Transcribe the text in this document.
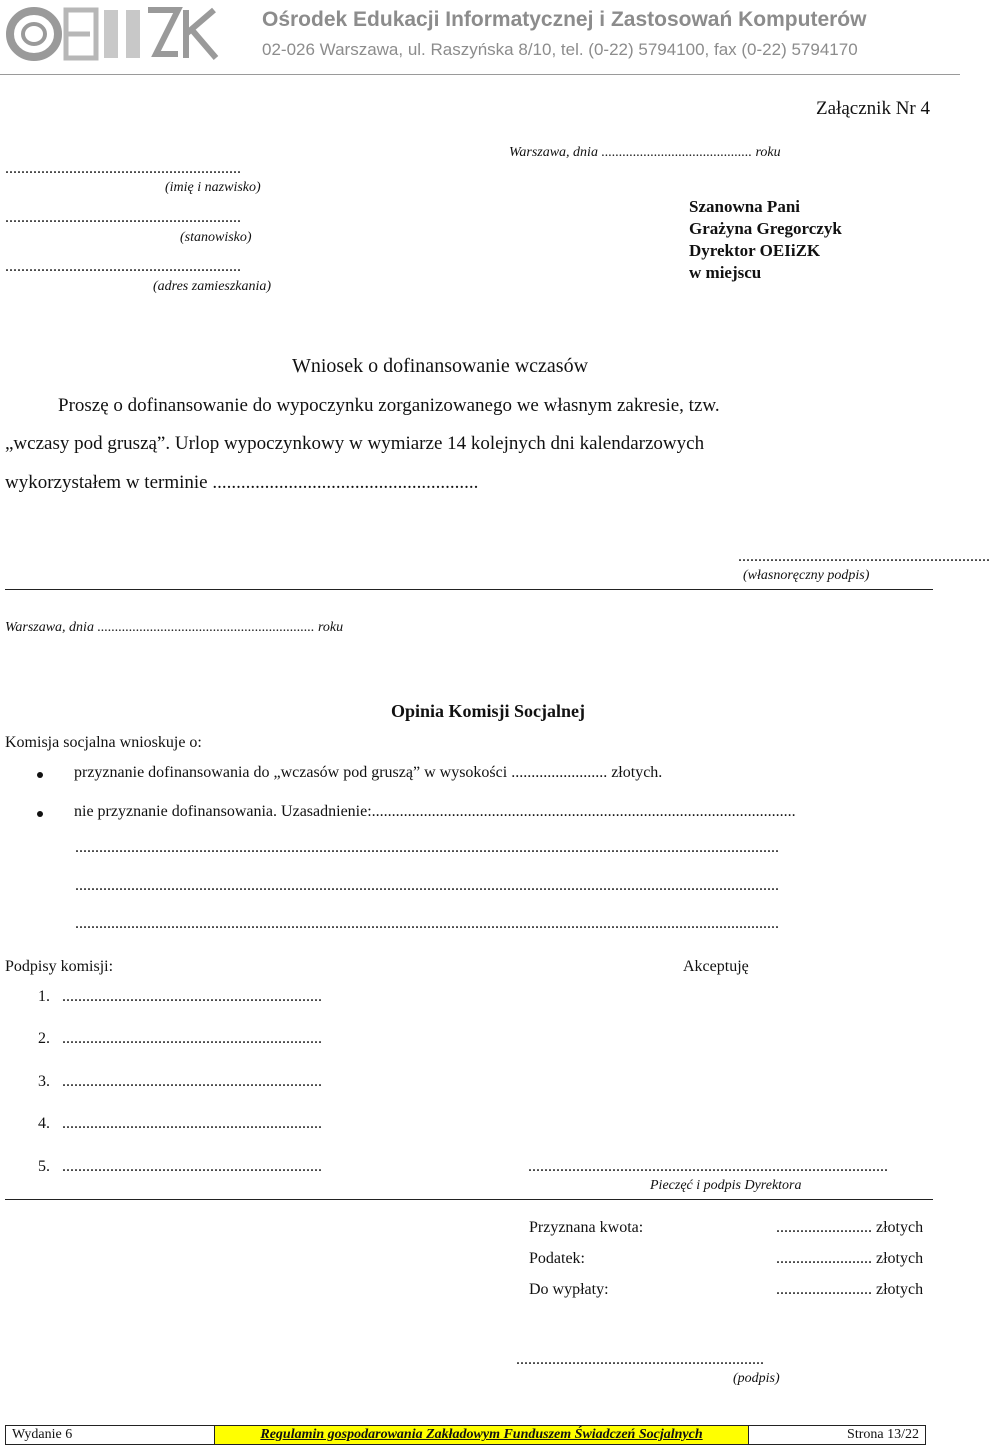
Ośrodek Edukacji Informatycznej i Zastosowań Komputerów
02-026 Warszawa, ul. Raszyńska 8/10, tel. (0-22) 5794100, fax (0-22) 5794170
Załącznik Nr 4
Warszawa, dnia ........................................... roku
...........................................................
(imię i nazwisko)
...........................................................
(stanowisko)
...........................................................
(adres zamieszkania)
Szanowna Pani
Grażyna Gregorczyk
Dyrektor OEIiZK
w miejscu
Wniosek o dofinansowanie wczasów
Proszę o dofinansowanie do wypoczynku zorganizowanego we własnym zakresie, tzw.
„wczasy pod gruszą”. Urlop wypoczynkowy w wymiarze 14 kolejnych dni kalendarzowych
wykorzystałem w terminie ........................................................
...............................................................
(własnoręczny podpis)
Warszawa, dnia .............................................................. roku
Opinia Komisji Socjalnej
Komisja socjalna wnioskuje o:
przyznanie dofinansowania do „wczasów pod gruszą” w wysokości ........................ złotych.
nie przyznanie dofinansowania. Uzasadnienie:..........................................................................................................
................................................................................................................................................................................
................................................................................................................................................................................
................................................................................................................................................................................
Podpisy komisji:	Akceptuję
1. .................................................................
2. .................................................................
3. .................................................................
4. .................................................................
5. .................................................................	..........................................................................................
Pieczęć i podpis Dyrektora
Przyznana kwota:	........................ złotych
Podatek:	........................ złotych
Do wypłaty:	........................ złotych
..............................................................
(podpis)
Wydanie 6	Regulamin gospodarowania Zakładowym Funduszem Świadczeń Socjalnych	Strona 13/22
